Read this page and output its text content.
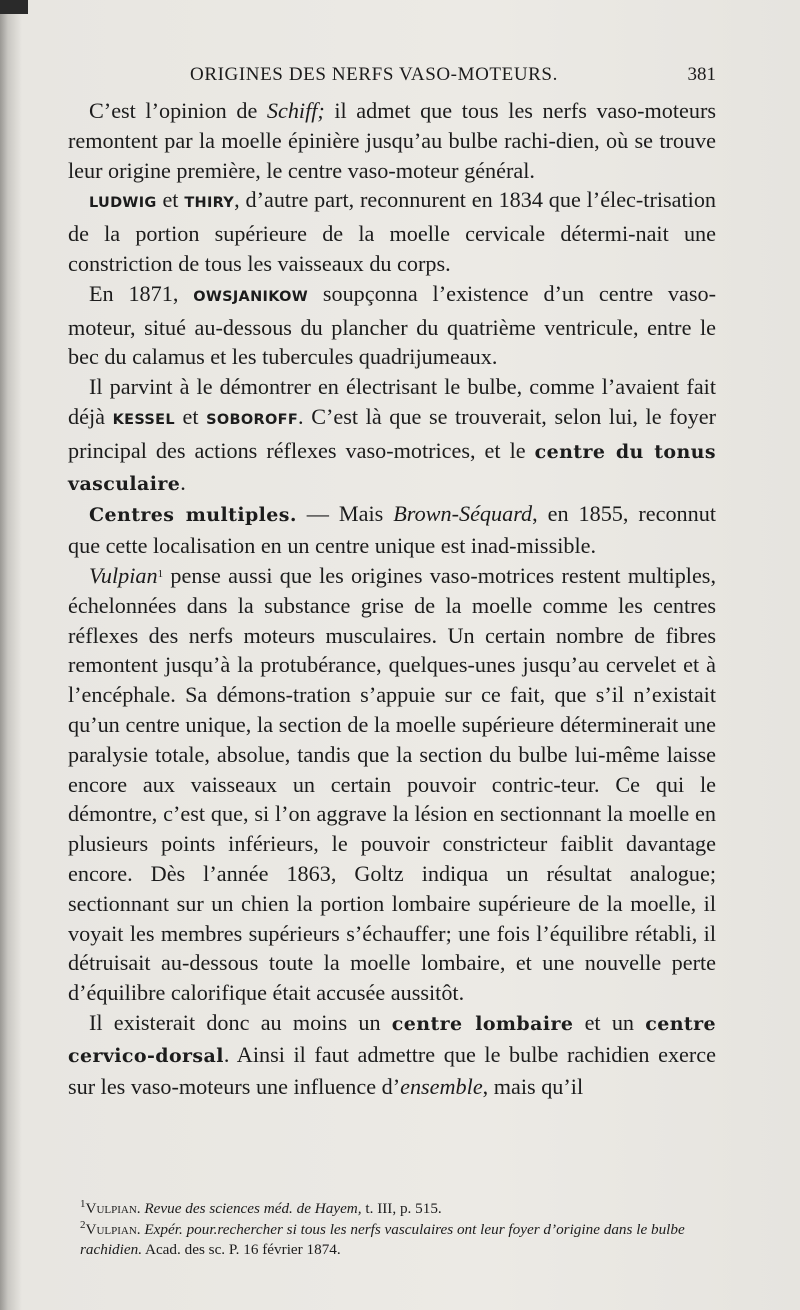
ORIGINES DES NERFS VASO-MOTEURS.	381

C’est l’opinion de Schiff; il admet que tous les nerfs vaso-moteurs remontent par la moelle épinière jusqu’au bulbe rachi-dien, où se trouve leur origine première, le centre vaso-moteur général.

LUDWIG et THIRY, d’autre part, reconnurent en 1834 que l’élec-trisation de la portion supérieure de la moelle cervicale détermi-nait une constriction de tous les vaisseaux du corps.

En 1871, OWSJANIKOW soupçonna l’existence d’un centre vaso-moteur, situé au-dessous du plancher du quatrième ventricule, entre le bec du calamus et les tubercules quadrijumeaux.

Il parvint à le démontrer en électrisant le bulbe, comme l’avaient fait déjà KESSEL et SOBOROFF. C’est là que se trouverait, selon lui, le foyer principal des actions réflexes vaso-motrices, et le centre du tonus vasculaire.

Centres multiples. — Mais Brown-Séquard, en 1855, reconnut que cette localisation en un centre unique est inad-missible.

Vulpian$^1$ pense aussi que les origines vaso-motrices restent multiples, échelonnées dans la substance grise de la moelle comme les centres réflexes des nerfs moteurs musculaires. Un certain nombre de fibres remontent jusqu’à la protubérance, quelques-unes jusqu’au cervelet et à l’encéphale. Sa démons-tration s’appuie sur ce fait, que s’il n’existait qu’un centre unique, la section de la moelle supérieure déterminerait une paralysie totale, absolue, tandis que la section du bulbe lui-même laisse encore aux vaisseaux un certain pouvoir contric-teur. Ce qui le démontre, c’est que, si l’on aggrave la lésion en sectionnant la moelle en plusieurs points inférieurs, le pouvoir constricteur faiblit davantage encore. Dès l’année 1863, Goltz indiqua un résultat analogue; sectionnant sur un chien la portion lombaire supérieure de la moelle, il voyait les membres supérieurs s’échauffer; une fois l’équilibre rétabli, il détruisait au-dessous toute la moelle lombaire, et une nouvelle perte d’équilibre calorifique était accusée aussitôt.

Il existerait donc au moins un centre lombaire et un centre cervico-dorsal. Ainsi il faut admettre que le bulbe rachidien exerce sur les vaso-moteurs une influence d’ensemble, mais qu’il

$^1$Vulpian. Revue des sciences méd. de Hayem, t. III, p. 515.

$^2$Vulpian. Expér. pour.rechercher si tous les nerfs vasculaires ont leur foyer d’origine dans le bulbe rachidien. Acad. des sc. P. 16 février 1874.
